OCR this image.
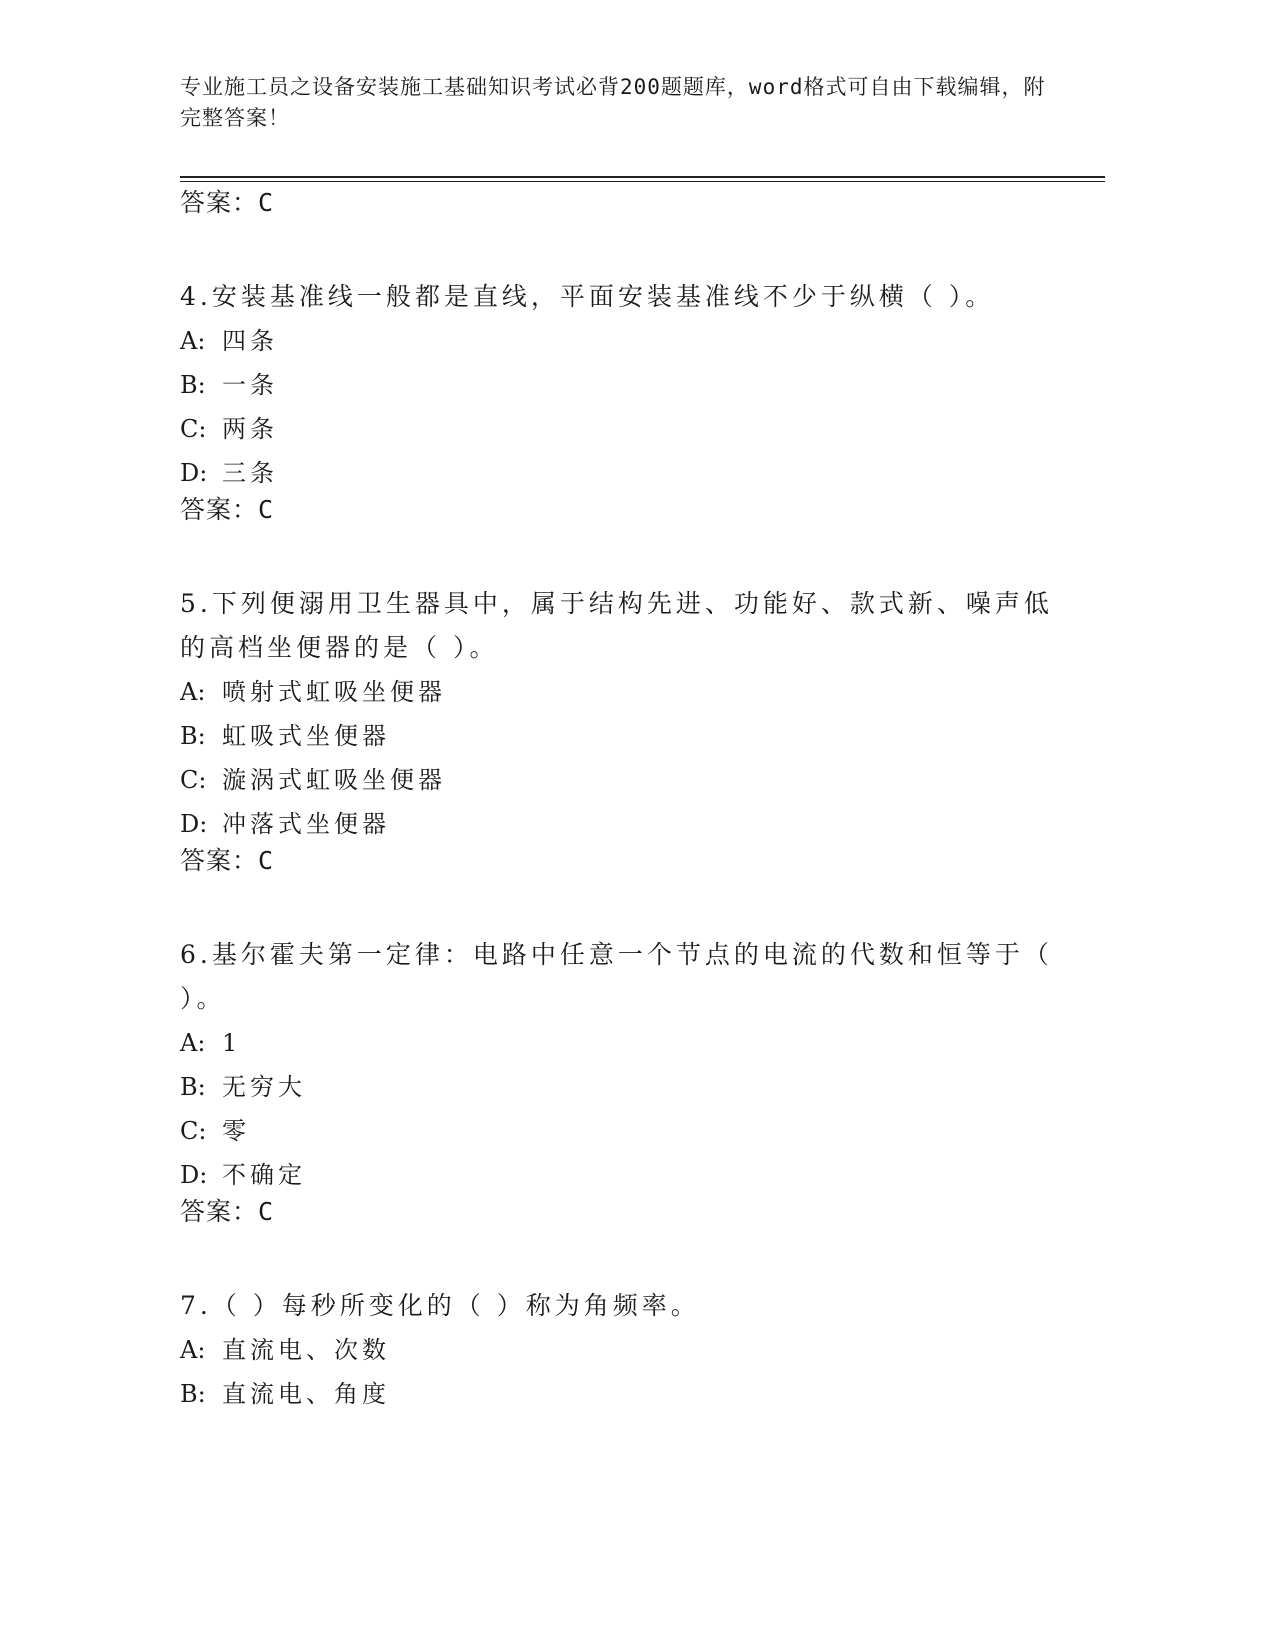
专业施工员之设备安装施工基础知识考试必背200题题库，word格式可自由下载编辑，附完整答案！

答案：C

4.安装基准线一般都是直线，平面安装基准线不少于纵横（ ）。

A: 四条

B: 一条

C: 两条

D: 三条

答案：C

5.下列便溺用卫生器具中，属于结构先进、功能好、款式新、噪声低的高档坐便器的是（ ）。

A: 喷射式虹吸坐便器

B: 虹吸式坐便器

C: 漩涡式虹吸坐便器

D: 冲落式坐便器

答案：C

6.基尔霍夫第一定律：电路中任意一个节点的电流的代数和恒等于（ ）。

A: 1

B: 无穷大

C: 零

D: 不确定

答案：C

7.（ ）每秒所变化的（ ）称为角频率。

A: 直流电、次数

B: 直流电、角度
